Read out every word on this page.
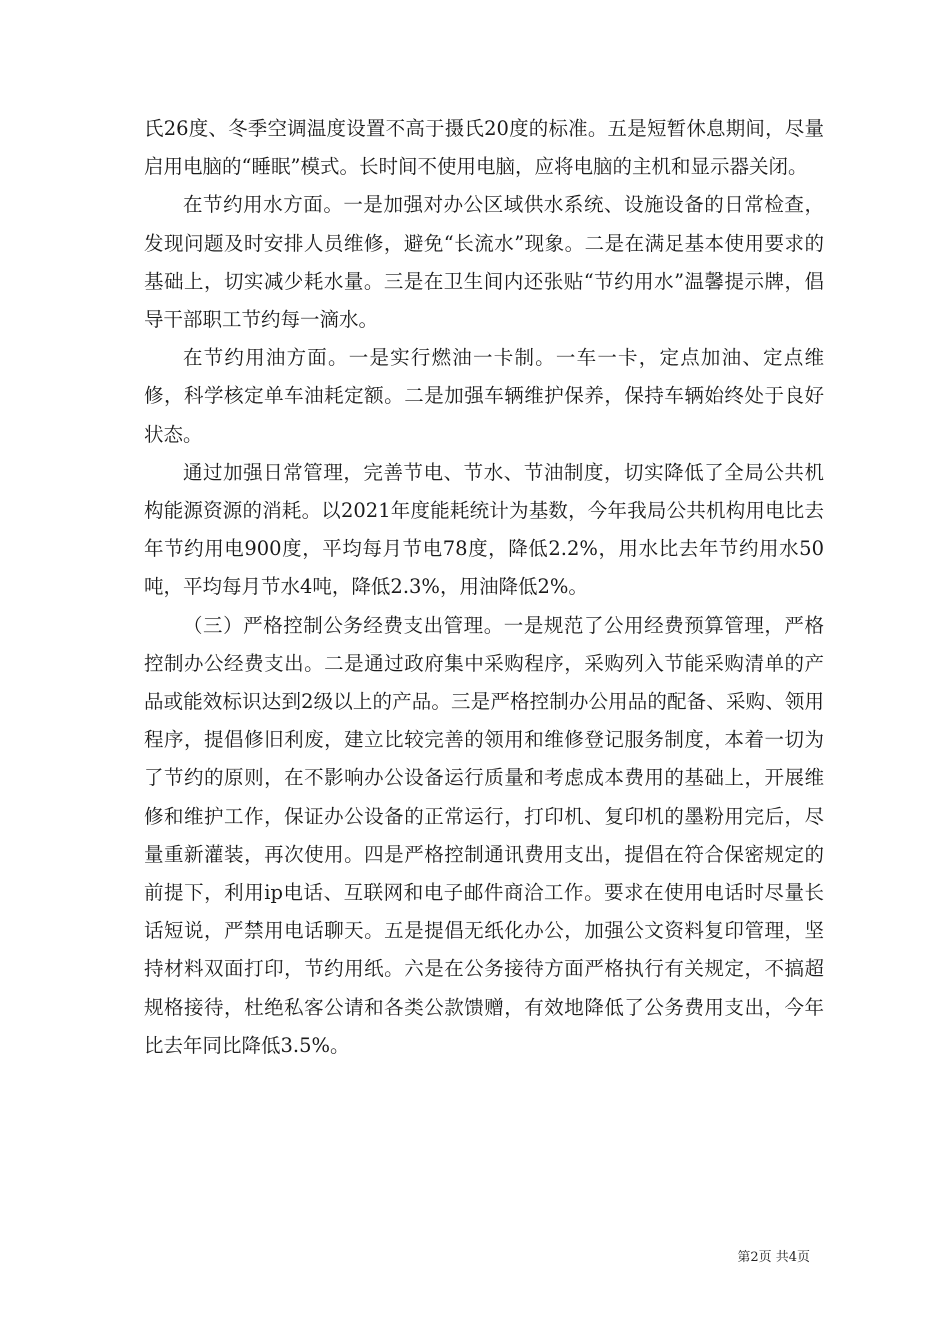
氏26度、冬季空调温度设置不高于摄氏20度的标准。五是短暂休息期间，尽量启用电脑的“睡眠”模式。长时间不使用电脑，应将电脑的主机和显示器关闭。

在节约用水方面。一是加强对办公区域供水系统、设施设备的日常检查，发现问题及时安排人员维修，避免“长流水”现象。二是在满足基本使用要求的基础上，切实减少耗水量。三是在卫生间内还张贴“节约用水”温馨提示牌，倡导干部职工节约每一滴水。

在节约用油方面。一是实行燃油一卡制。一车一卡，定点加油、定点维修，科学核定单车油耗定额。二是加强车辆维护保养，保持车辆始终处于良好状态。

通过加强日常管理，完善节电、节水、节油制度，切实降低了全局公共机构能源资源的消耗。以2021年度能耗统计为基数，今年我局公共机构用电比去年节约用电900度，平均每月节电78度，降低2.2%，用水比去年节约用水50吨，平均每月节水4吨，降低2.3%，用油降低2%。

（三）严格控制公务经费支出管理。一是规范了公用经费预算管理，严格控制办公经费支出。二是通过政府集中采购程序，采购列入节能采购清单的产品或能效标识达到2级以上的产品。三是严格控制办公用品的配备、采购、领用程序，提倡修旧利废，建立比较完善的领用和维修登记服务制度，本着一切为了节约的原则，在不影响办公设备运行质量和考虑成本费用的基础上，开展维修和维护工作，保证办公设备的正常运行，打印机、复印机的墨粉用完后，尽量重新灌装，再次使用。四是严格控制通讯费用支出，提倡在符合保密规定的前提下，利用ip电话、互联网和电子邮件商洽工作。要求在使用电话时尽量长话短说，严禁用电话聊天。五是提倡无纸化办公，加强公文资料复印管理，坚持材料双面打印，节约用纸。六是在公务接待方面严格执行有关规定，不搞超规格接待，杜绝私客公请和各类公款馈赠，有效地降低了公务费用支出，今年比去年同比降低3.5%。

第2页 共4页
